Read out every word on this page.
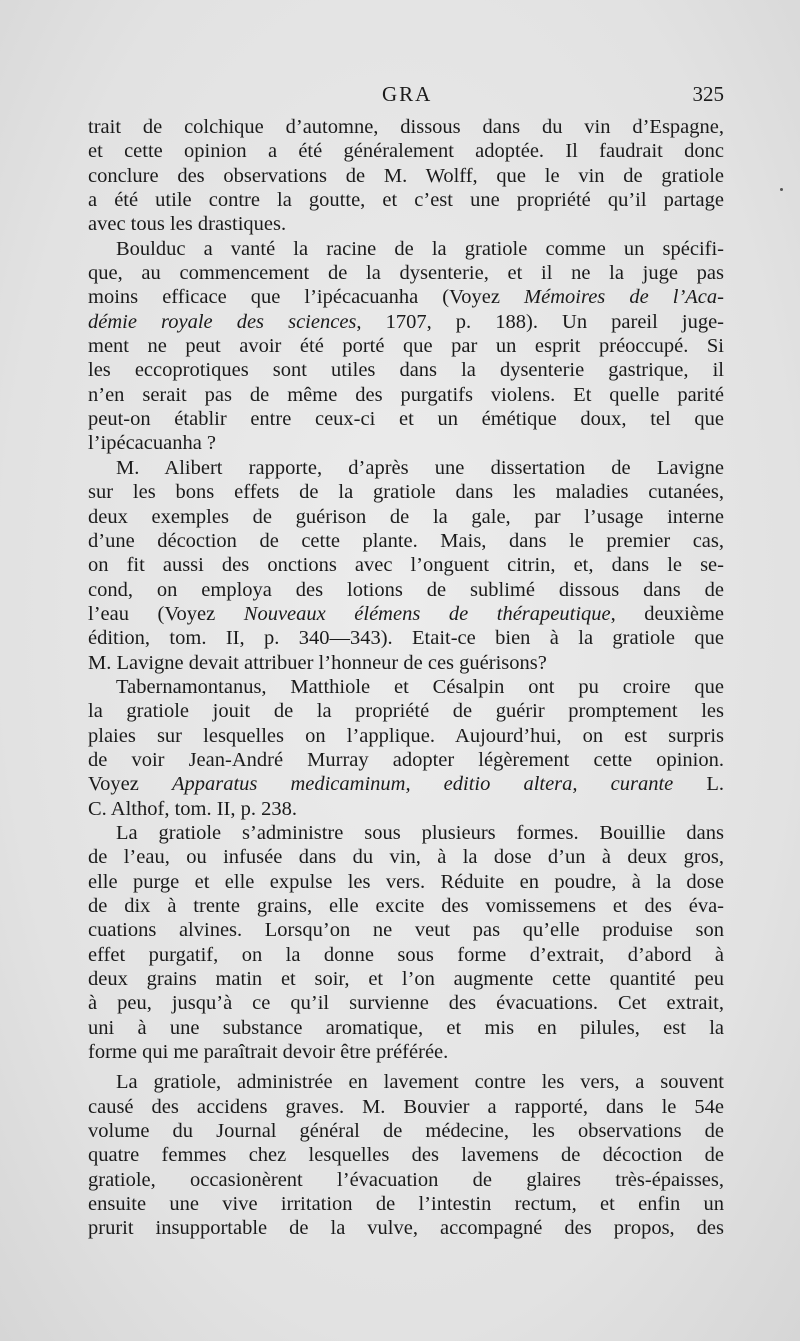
GRA	325
trait de colchique d’automne, dissous dans du vin d’Espagne,
et cette opinion a été généralement adoptée. Il faudrait donc
conclure des observations de M. Wolff, que le vin de gratiole
a été utile contre la goutte, et c’est une propriété qu’il partage
avec tous les drastiques.
Boulduc a vanté la racine de la gratiole comme un spécifi-
que, au commencement de la dysenterie, et il ne la juge pas
moins efficace que l’ipécacuanha (Voyez Mémoires de l’Aca-
démie royale des sciences, 1707, p. 188). Un pareil juge-
ment ne peut avoir été porté que par un esprit préoccupé. Si
les eccoprotiques sont utiles dans la dysenterie gastrique, il
n’en serait pas de même des purgatifs violens. Et quelle parité
peut-on établir entre ceux-ci et un émétique doux, tel que
l’ipécacuanha ?
M. Alibert rapporte, d’après une dissertation de Lavigne
sur les bons effets de la gratiole dans les maladies cutanées,
deux exemples de guérison de la gale, par l’usage interne
d’une décoction de cette plante. Mais, dans le premier cas,
on fit aussi des onctions avec l’onguent citrin, et, dans le se-
cond, on employa des lotions de sublimé dissous dans de
l’eau (Voyez Nouveaux élémens de thérapeutique, deuxième
édition, tom. II, p. 340—343). Etait-ce bien à la gratiole que
M. Lavigne devait attribuer l’honneur de ces guérisons?
Tabernamontanus, Matthiole et Césalpin ont pu croire que
la gratiole jouit de la propriété de guérir promptement les
plaies sur lesquelles on l’applique. Aujourd’hui, on est surpris
de voir Jean-André Murray adopter légèrement cette opinion.
Voyez Apparatus medicaminum, editio altera, curante L.
C. Althof, tom. II, p. 238.
La gratiole s’administre sous plusieurs formes. Bouillie dans
de l’eau, ou infusée dans du vin, à la dose d’un à deux gros,
elle purge et elle expulse les vers. Réduite en poudre, à la dose
de dix à trente grains, elle excite des vomissemens et des éva-
cuations alvines. Lorsqu’on ne veut pas qu’elle produise son
effet purgatif, on la donne sous forme d’extrait, d’abord à
deux grains matin et soir, et l’on augmente cette quantité peu
à peu, jusqu’à ce qu’il survienne des évacuations. Cet extrait,
uni à une substance aromatique, et mis en pilules, est la
forme qui me paraîtrait devoir être préférée.
La gratiole, administrée en lavement contre les vers, a souvent
causé des accidens graves. M. Bouvier a rapporté, dans le 54e
volume du Journal général de médecine, les observations de
quatre femmes chez lesquelles des lavemens de décoction de
gratiole, occasionèrent l’évacuation de glaires très-épaisses,
ensuite une vive irritation de l’intestin rectum, et enfin un
prurit insupportable de la vulve, accompagné des propos, des
